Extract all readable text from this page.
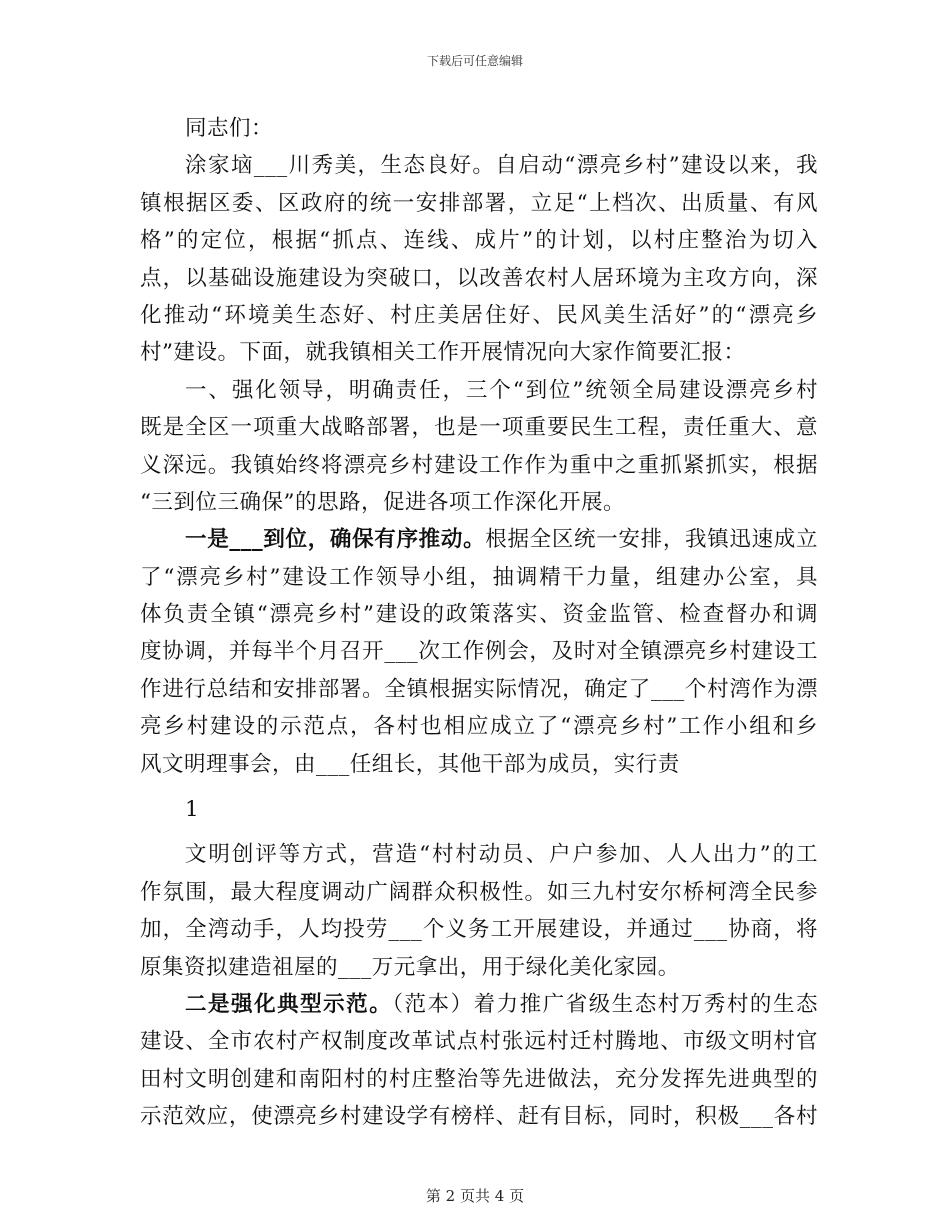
下载后可任意编辑
同志们：
涂家垴___川秀美，生态良好。自启动“漂亮乡村”建设以来，我
镇根据区委、区政府的统一安排部署，立足“上档次、出质量、有风
格”的定位，根据“抓点、连线、成片”的计划，以村庄整治为切入
点，以基础设施建设为突破口，以改善农村人居环境为主攻方向，深
化推动“环境美生态好、村庄美居住好、民风美生活好”的“漂亮乡
村”建设。下面，就我镇相关工作开展情况向大家作简要汇报：
一、强化领导，明确责任，三个“到位”统领全局建设漂亮乡村
既是全区一项重大战略部署，也是一项重要民生工程，责任重大、意
义深远。我镇始终将漂亮乡村建设工作作为重中之重抓紧抓实，根据
“三到位三确保”的思路，促进各项工作深化开展。
一是___到位，确保有序推动。根据全区统一安排，我镇迅速成立
了“漂亮乡村”建设工作领导小组，抽调精干力量，组建办公室，具
体负责全镇“漂亮乡村”建设的政策落实、资金监管、检查督办和调
度协调，并每半个月召开___次工作例会，及时对全镇漂亮乡村建设工
作进行总结和安排部署。全镇根据实际情况，确定了___个村湾作为漂
亮乡村建设的示范点，各村也相应成立了“漂亮乡村”工作小组和乡
风文明理事会，由___任组长，其他干部为成员，实行责
1
文明创评等方式，营造“村村动员、户户参加、人人出力”的工
作氛围，最大程度调动广阔群众积极性。如三九村安尔桥柯湾全民参
加，全湾动手，人均投劳___个义务工开展建设，并通过___协商，将
原集资拟建造祖屋的___万元拿出，用于绿化美化家园。
二是强化典型示范。（范本）着力推广省级生态村万秀村的生态
建设、全市农村产权制度改革试点村张远村迁村腾地、市级文明村官
田村文明创建和南阳村的村庄整治等先进做法，充分发挥先进典型的
示范效应，使漂亮乡村建设学有榜样、赶有目标，同时，积极___各村
第 2 页共 4 页
